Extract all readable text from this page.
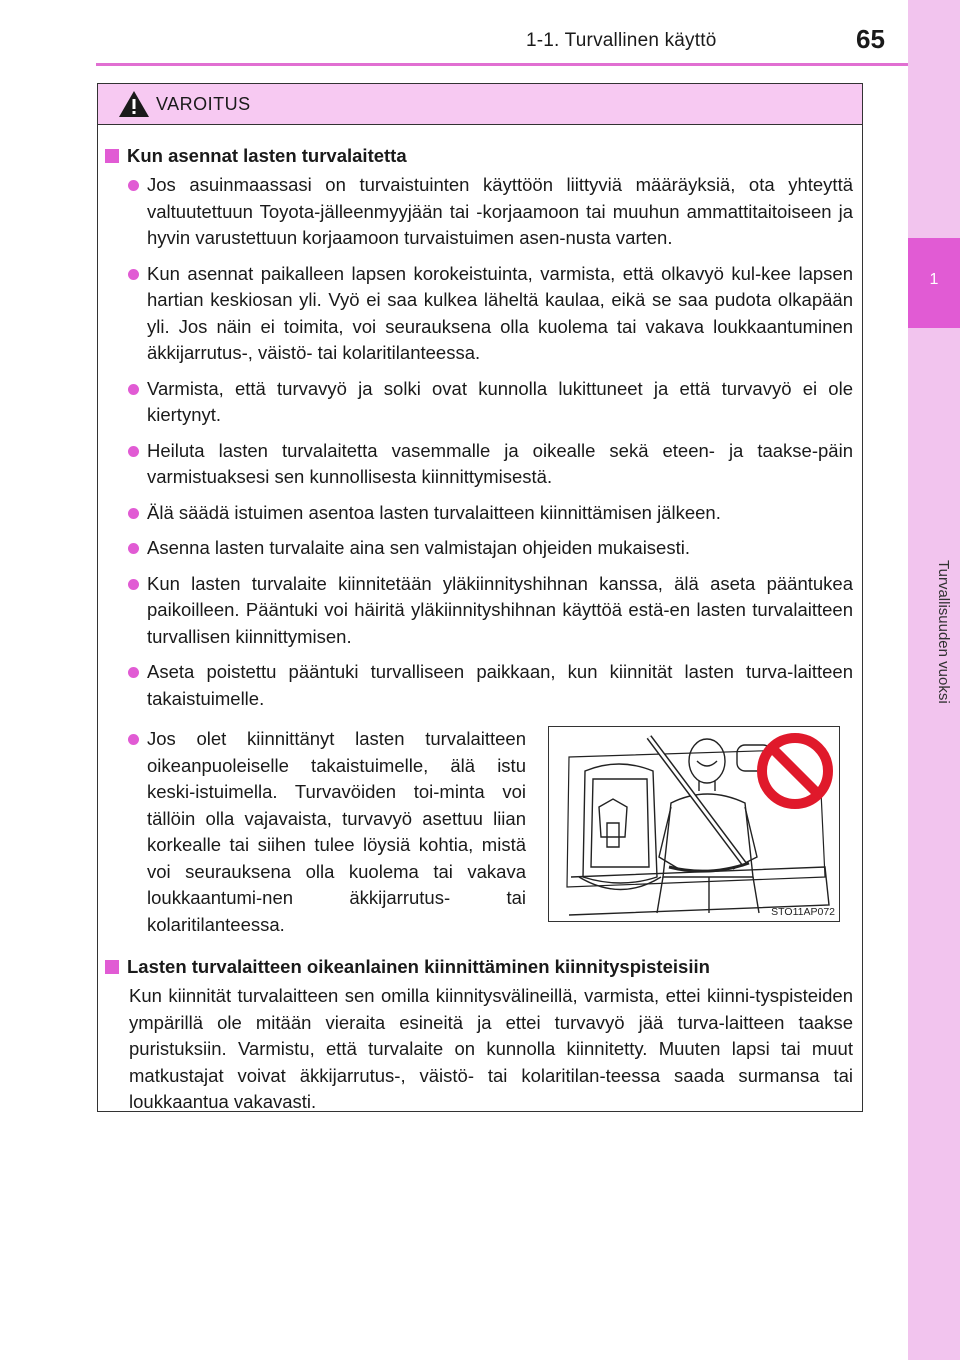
1-1. Turvallinen käyttö	65
1
Turvallisuuden vuoksi
VAROITUS
Kun asennat lasten turvalaitetta
Jos asuinmaassasi on turvaistuinten käyttöön liittyviä määräyksiä, ota yhteyttä valtuutettuun Toyota-jälleenmyyjään tai -korjaamoon tai muuhun ammattitaitoiseen ja hyvin varustettuun korjaamoon turvaistuimen asen-nusta varten.
Kun asennat paikalleen lapsen korokeistuinta, varmista, että olkavyö kul-kee lapsen hartian keskiosan yli. Vyö ei saa kulkea läheltä kaulaa, eikä se saa pudota olkapään yli. Jos näin ei toimita, voi seurauksena olla kuolema tai vakava loukkaantuminen äkkijarrutus-, väistö- tai kolaritilanteessa.
Varmista, että turvavyö ja solki ovat kunnolla lukittuneet ja että turvavyö ei ole kiertynyt.
Heiluta lasten turvalaitetta vasemmalle ja oikealle sekä eteen- ja taakse-päin varmistuaksesi sen kunnollisesta kiinnittymisestä.
Älä säädä istuimen asentoa lasten turvalaitteen kiinnittämisen jälkeen.
Asenna lasten turvalaite aina sen valmistajan ohjeiden mukaisesti.
Kun lasten turvalaite kiinnitetään yläkiinnityshihnan kanssa, älä aseta pääntukea paikoilleen. Pääntuki voi häiritä yläkiinnityshihnan käyttöä estä-en lasten turvalaitteen turvallisen kiinnittymisen.
Aseta poistettu pääntuki turvalliseen paikkaan, kun kiinnität lasten turva-laitteen takaistuimelle.
Jos olet kiinnittänyt lasten turvalaitteen oikeanpuoleiselle takaistuimelle, älä istu keski-istuimella. Turvavöiden toi-minta voi tällöin olla vajavaista, turvavyö asettuu liian korkealle tai siihen tulee löysiä kohtia, mistä voi seurauksena olla kuolema tai vakava loukkaantumi-nen äkkijarrutus- tai kolaritilanteessa.
STO11AP072
Lasten turvalaitteen oikeanlainen kiinnittäminen kiinnityspisteisiin
Kun kiinnität turvalaitteen sen omilla kiinnitysvälineillä, varmista, ettei kiinni-tyspisteiden ympärillä ole mitään vieraita esineitä ja ettei turvavyö jää turva-laitteen taakse puristuksiin. Varmistu, että turvalaite on kunnolla kiinnitetty. Muuten lapsi tai muut matkustajat voivat äkkijarrutus-, väistö- tai kolaritilan-teessa saada surmansa tai loukkaantua vakavasti.
